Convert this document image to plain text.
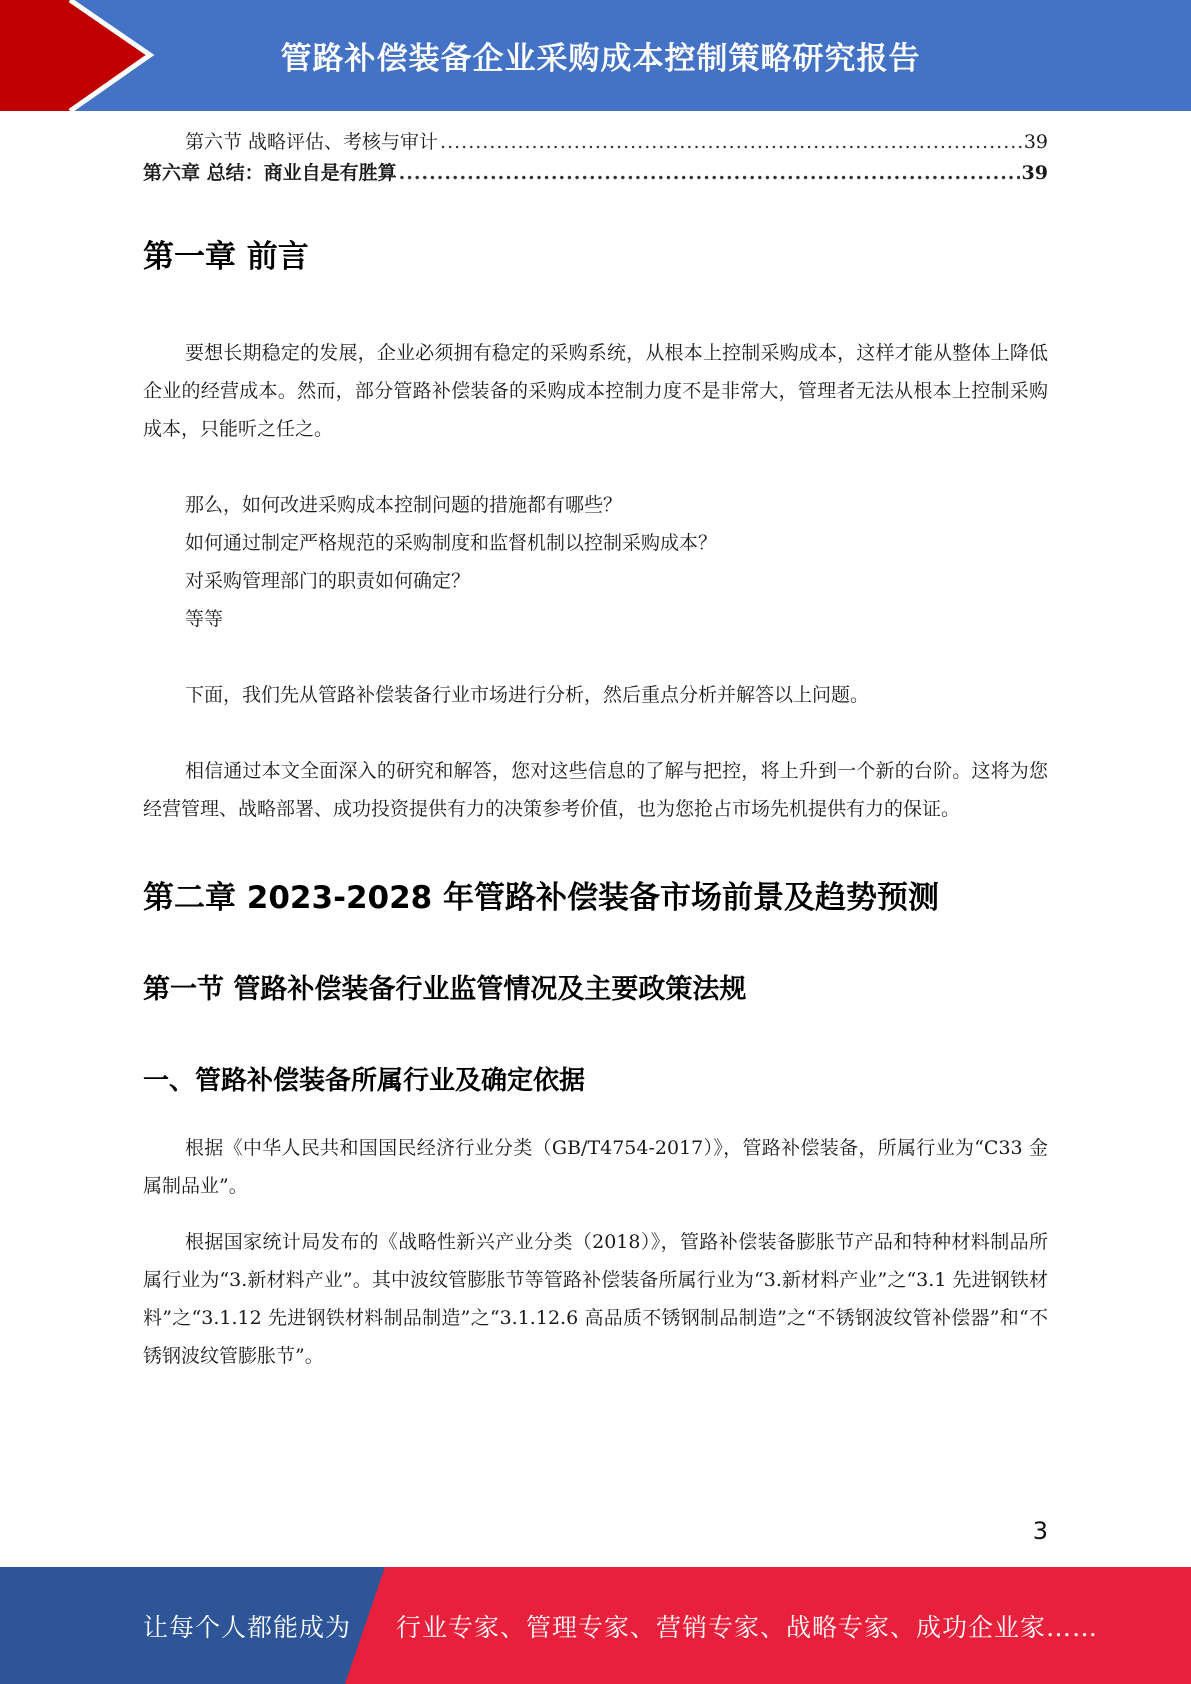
管路补偿装备企业采购成本控制策略研究报告
第六节 战略评估、考核与审计 .....	39
第六章 总结：商业自是有胜算 .....	39
第一章 前言

要想长期稳定的发展，企业必须拥有稳定的采购系统，从根本上控制采购成本，这样才能从整体上降低企业的经营成本。然而，部分管路补偿装备的采购成本控制力度不是非常大，管理者无法从根本上控制采购成本，只能听之任之。

那么，如何改进采购成本控制问题的措施都有哪些？

如何通过制定严格规范的采购制度和监督机制以控制采购成本？

对采购管理部门的职责如何确定？

等等

下面，我们先从管路补偿装备行业市场进行分析，然后重点分析并解答以上问题。

相信通过本文全面深入的研究和解答，您对这些信息的了解与把控，将上升到一个新的台阶。这将为您经营管理、战略部署、成功投资提供有力的决策参考价值，也为您抢占市场先机提供有力的保证。

第二章 2023-2028 年管路补偿装备市场前景及趋势预测
第一节 管路补偿装备行业监管情况及主要政策法规
一、管路补偿装备所属行业及确定依据

根据《中华人民共和国国民经济行业分类（GB/T4754-2017）》，管路补偿装备，所属行业为“C33 金属制品业”。

根据国家统计局发布的《战略性新兴产业分类（2018）》，管路补偿装备膨胀节产品和特种材料制品所属行业为“3.新材料产业”。其中波纹管膨胀节等管路补偿装备所属行业为“3.新材料产业”之“3.1 先进钢铁材料”之“3.1.12 先进钢铁材料制品制造”之“3.1.12.6 高品质不锈钢制品制造”之“不锈钢波纹管补偿器”和“不锈钢波纹管膨胀节”。

3
让每个人都能成为 行业专家、管理专家、营销专家、战略专家、成功企业家……
